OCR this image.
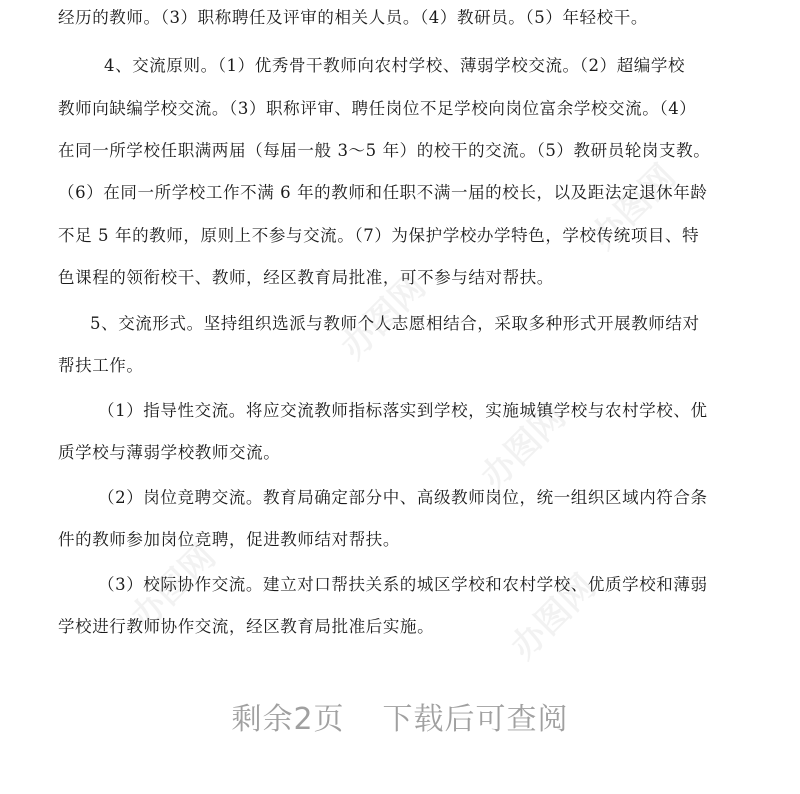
办图网
办图网
办图网
办图网	办图网
经历的教师。（3）职称聘任及评审的相关人员。（4）教研员。（5）年轻校干。
4、交流原则。（1）优秀骨干教师向农村学校、薄弱学校交流。（2）超编学校
教师向缺编学校交流。（3）职称评审、聘任岗位不足学校向岗位富余学校交流。（4）
在同一所学校任职满两届（每届一般 3～5 年）的校干的交流。（5）教研员轮岗支教。
（6）在同一所学校工作不满 6 年的教师和任职不满一届的校长，以及距法定退休年龄
不足 5 年的教师，原则上不参与交流。（7）为保护学校办学特色，学校传统项目、特
色课程的领衔校干、教师，经区教育局批准，可不参与结对帮扶。
5、交流形式。坚持组织选派与教师个人志愿相结合，采取多种形式开展教师结对
帮扶工作。
（1）指导性交流。将应交流教师指标落实到学校，实施城镇学校与农村学校、优
质学校与薄弱学校教师交流。
（2）岗位竞聘交流。教育局确定部分中、高级教师岗位，统一组织区域内符合条
件的教师参加岗位竞聘，促进教师结对帮扶。
（3）校际协作交流。建立对口帮扶关系的城区学校和农村学校、优质学校和薄弱
学校进行教师协作交流，经区教育局批准后实施。
剩余2页 下载后可查阅
